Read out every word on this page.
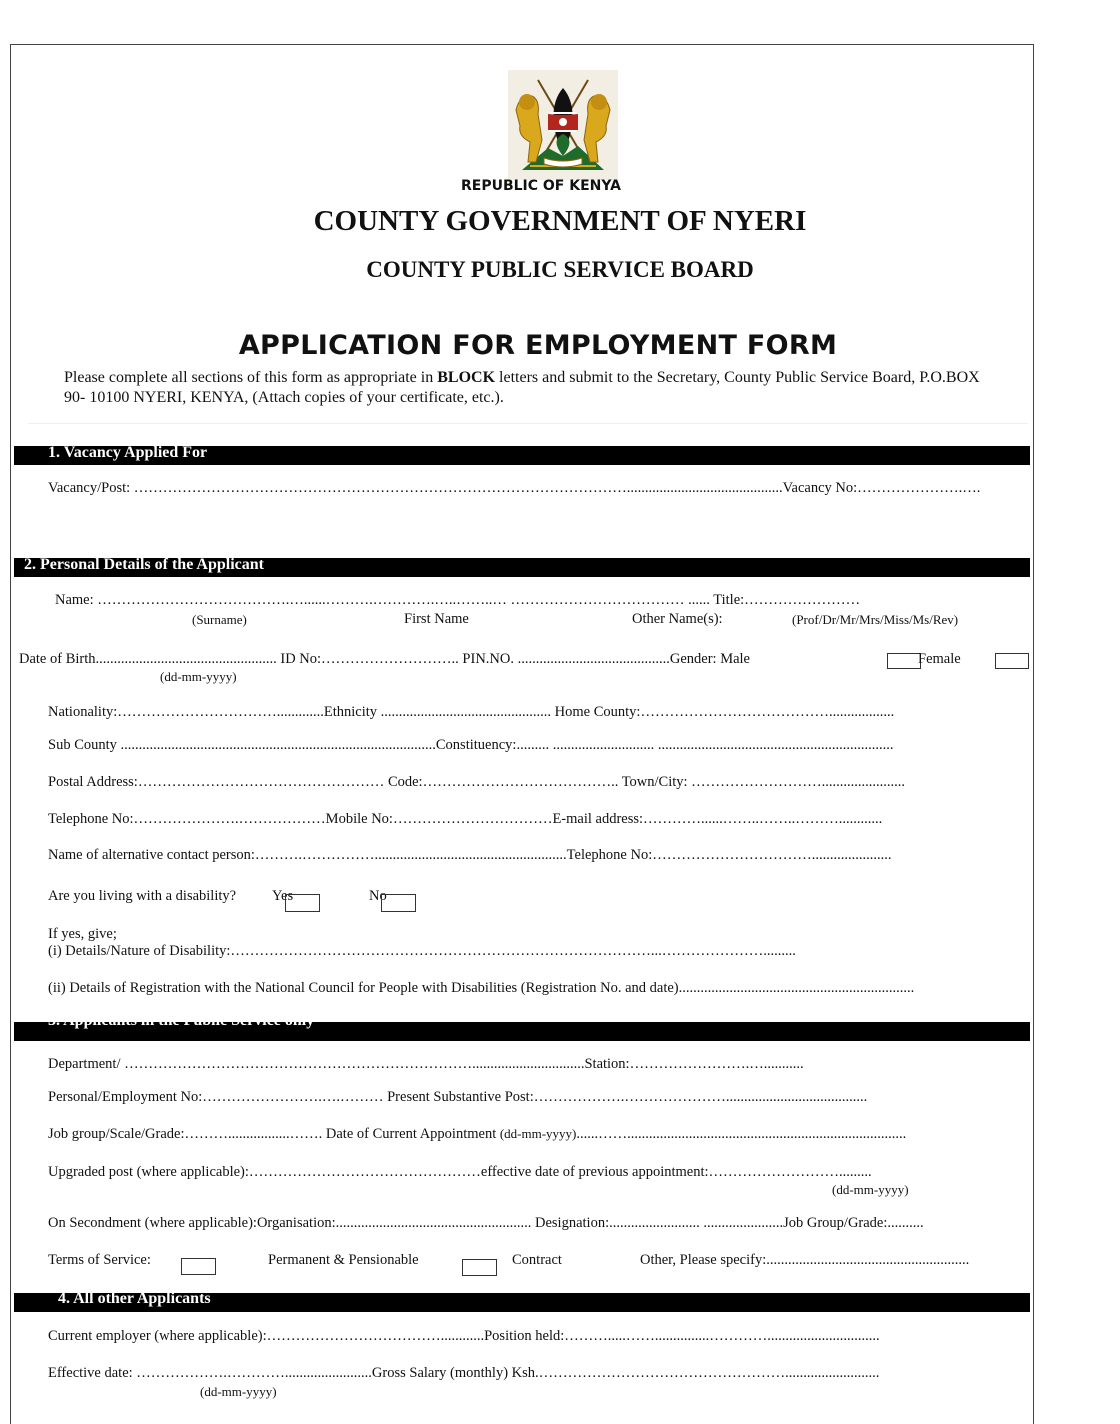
REPUBLIC OF KENYA
COUNTY GOVERNMENT OF NYERI
COUNTY PUBLIC SERVICE BOARD
APPLICATION FOR EMPLOYMENT FORM
Please complete all sections of this form as appropriate in BLOCK letters and submit to the Secretary, County Public Service Board, P.O.BOX 90- 10100 NYERI, KENYA, (Attach copies of your certificate, etc.).
1. Vacancy Applied For
Vacancy/Post: …………………………………………………………………………………………...........................................Vacancy No:………………….….
2. Personal Details of the Applicant
Name: ………………………………….…......……….………….…..……..… ……………………………… ...... Title:……………………
(Surname)	First Name	Other Name(s):	(Prof/Dr/Mr/Mrs/Miss/Ms/Rev)
Date of Birth.................................................. ID No:……………………….. PIN.NO. ..........................................Gender: Male	Female
(dd-mm-yyyy)
Nationality:…………………………….............Ethnicity ............................................... Home County:…………………………………..................
Sub County .......................................................................................Constituency:......... ............................ .................................................................
Postal Address:…………………………………………… Code:………………………………….. Town/City: ……………………….......................
Telephone No:………………….………………Mobile No:……………………………E-mail address:…………......……..……..………............
Name of alternative contact person:……….…………….....................................................Telephone No:……………………………......................
Are you living with a disability? Yes	No
If yes, give;
(i) Details/Nature of Disability:……………………………………………………………………………...………………….........
(ii) Details of Registration with the National Council for People with Disabilities (Registration No. and date).................................................................
3. Applicants in the Public Service only
Department/ ………………………………………………………………...............................Station:…………………….…...........
Personal/Employment No:…………………….….……… Present Substantive Post:……………….………………….......................................
Job group/Scale/Grade:……….................……. Date of Current Appointment (dd-mm-yyyy)......…….............................................................................
Upgraded post (where applicable):…………………………………………effective date of previous appointment:……………………….........
(dd-mm-yyyy)
On Secondment (where applicable):Organisation:...................................................... Designation:......................... ......................Job Group/Grade:..........
Terms of Service:	Permanent & Pensionable	Contract	Other, Please specify:........................................................
4. All other Applicants
Current employer (where applicable):………………………………............Position held:……….....……...............…………...............................
Effective date: ……………….…………........................Gross Salary (monthly) Ksh.……………………………………………..........................
(dd-mm-yyyy)
